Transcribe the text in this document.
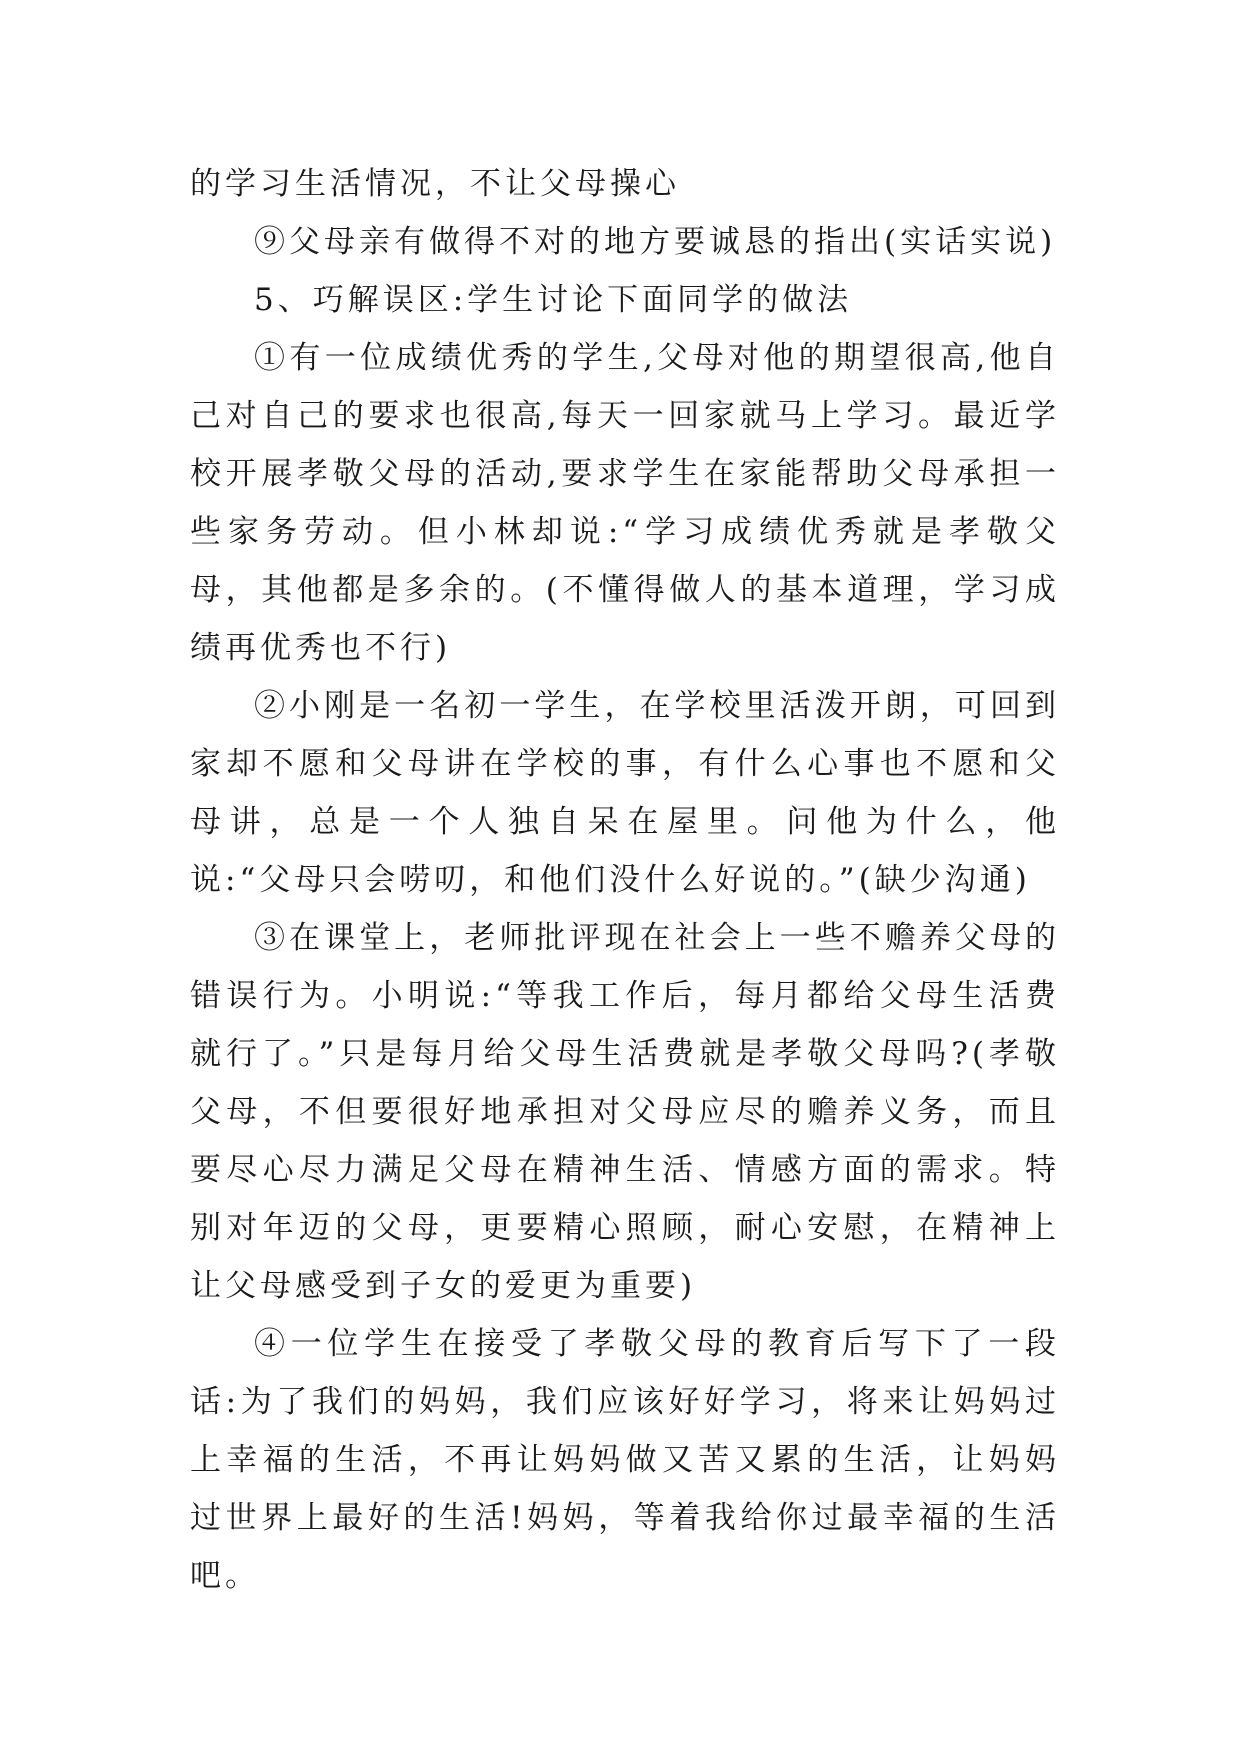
的学习生活情况，不让父母操心

⑨父母亲有做得不对的地方要诚恳的指出(实话实说)

5、巧解误区:学生讨论下面同学的做法

①有一位成绩优秀的学生,父母对他的期望很高,他自己对自己的要求也很高,每天一回家就马上学习。最近学校开展孝敬父母的活动,要求学生在家能帮助父母承担一些家务劳动。但小林却说:“学习成绩优秀就是孝敬父母，其他都是多余的。(不懂得做人的基本道理，学习成绩再优秀也不行)

②小刚是一名初一学生，在学校里活泼开朗，可回到家却不愿和父母讲在学校的事，有什么心事也不愿和父母讲，总是一个人独自呆在屋里。问他为什么，他说:“父母只会唠叨，和他们没什么好说的。”(缺少沟通)

③在课堂上，老师批评现在社会上一些不赡养父母的错误行为。小明说:“等我工作后，每月都给父母生活费就行了。”只是每月给父母生活费就是孝敬父母吗?(孝敬父母，不但要很好地承担对父母应尽的赡养义务，而且要尽心尽力满足父母在精神生活、情感方面的需求。特别对年迈的父母，更要精心照顾，耐心安慰，在精神上让父母感受到子女的爱更为重要)

④一位学生在接受了孝敬父母的教育后写下了一段话:为了我们的妈妈，我们应该好好学习，将来让妈妈过上幸福的生活，不再让妈妈做又苦又累的生活，让妈妈过世界上最好的生活!妈妈，等着我给你过最幸福的生活吧。
